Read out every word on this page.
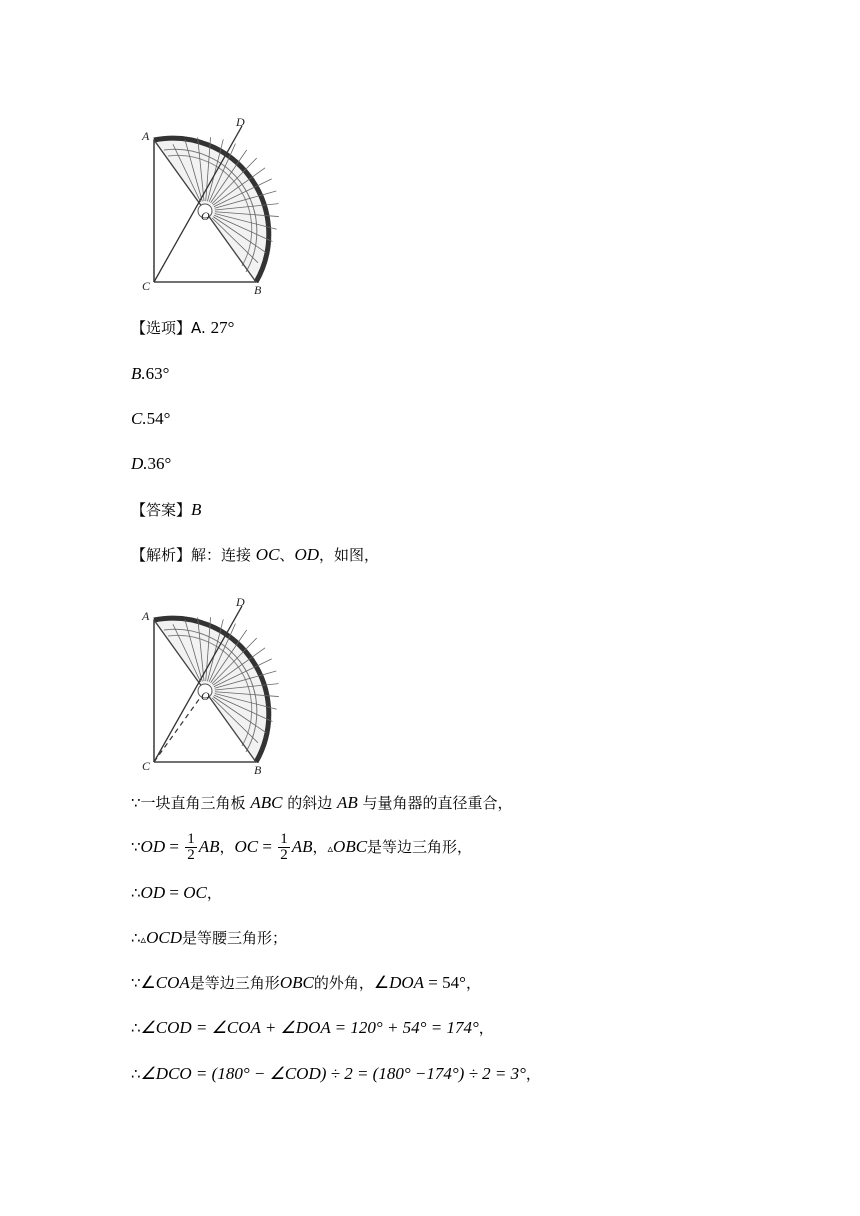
A
D
O
C	B
【选项】A. 27°
B.63°
C.54°
D.36°
【答案】B
【解析】解：连接 OC、OD，如图，
A
D
O
C	B
∵一块直角三角板 ABC 的斜边 AB 与量角器的直径重合，
∵OD = $\frac{1}{2}$ AB，OC = $\frac{1}{2}$ AB，▵OBC是等边三角形，
∴OD = OC，
∴▵OCD是等腰三角形；
∵∠COA是等边三角形OBC的外角，∠DOA = 54°，
∴∠COD = ∠COA + ∠DOA = 120° + 54° = 174°，
∴∠DCO = (180° − ∠COD) ÷ 2 = (180° −174°) ÷ 2 = 3°，
